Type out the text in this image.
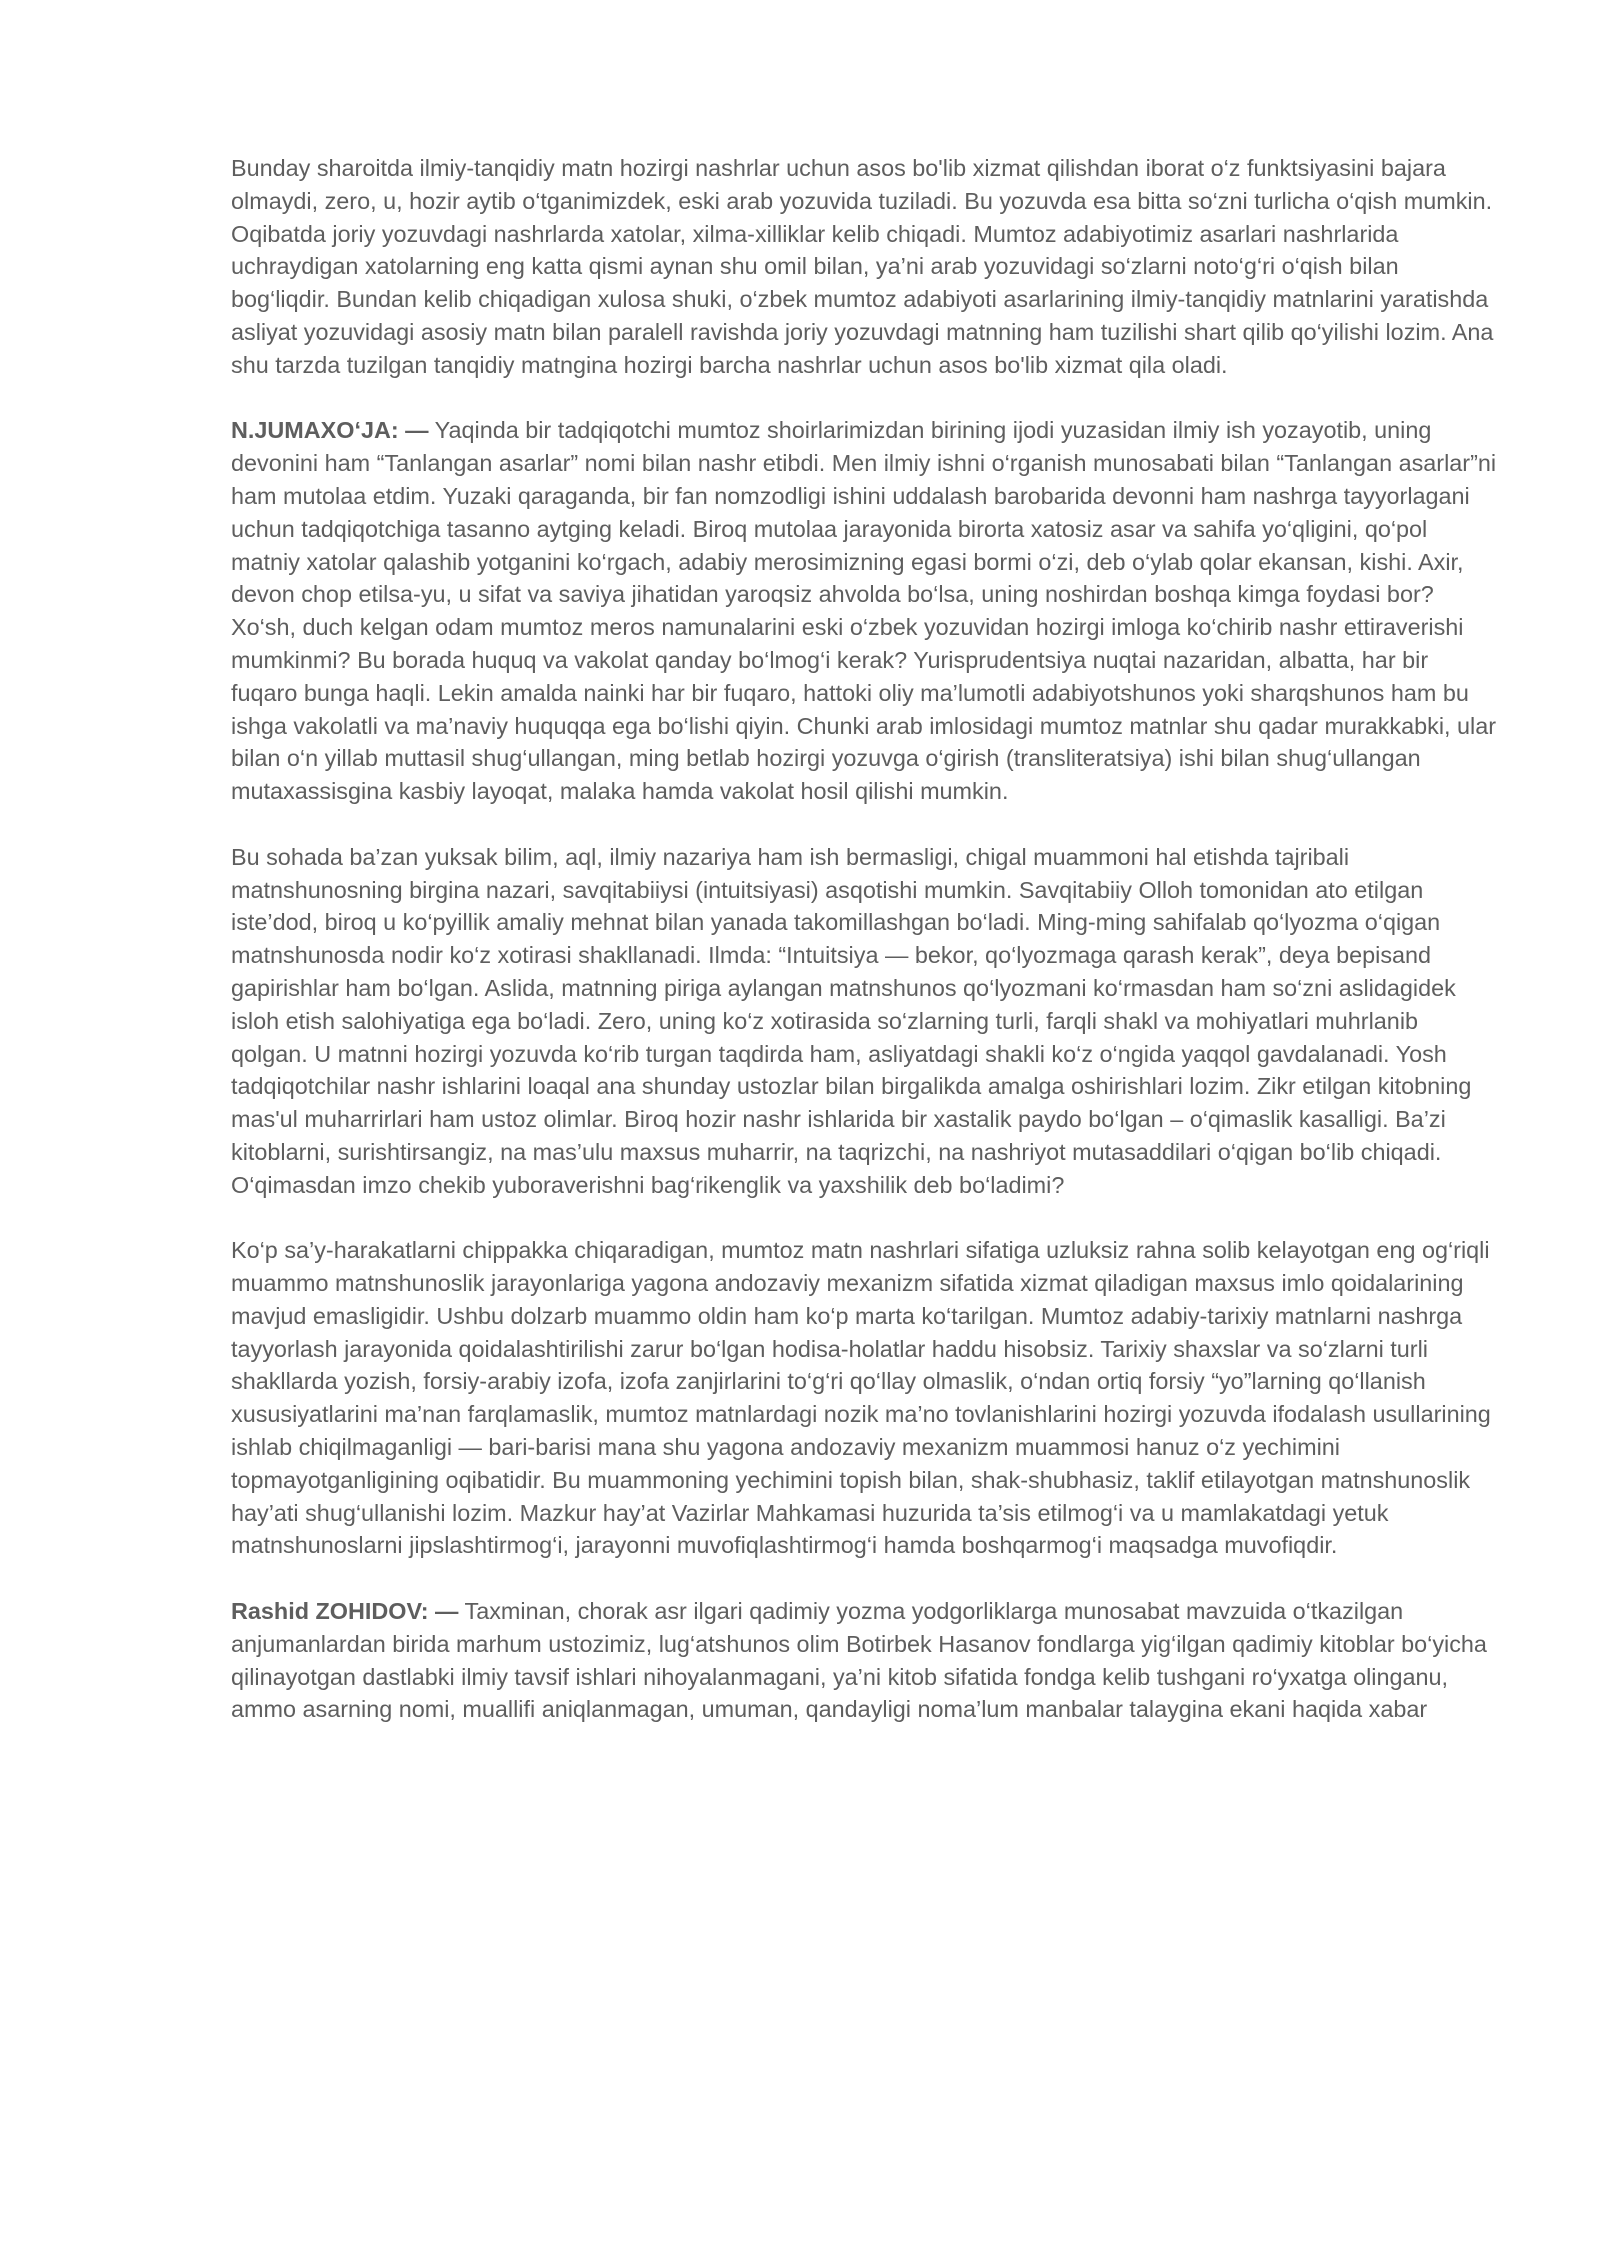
Bunday sharoitda ilmiy-tanqidiy matn hozirgi nashrlar uchun asos bo'lib xizmat qilishdan iborat o‘z funktsiyasini bajara olmaydi, zero, u, hozir aytib o‘tganimizdek, eski arab yozuvida tuziladi. Bu yozuvda esa bitta so‘zni turlicha o‘qish mumkin. Oqibatda joriy yozuvdagi nashrlarda xatolar, xilma-xilliklar kelib chiqadi. Mumtoz adabiyotimiz asarlari nashrlarida uchraydigan xatolarning eng katta qismi aynan shu omil bilan, ya’ni arab yozuvidagi so‘zlarni noto‘g‘ri o‘qish bilan bog‘liqdir. Bundan kelib chiqadigan xulosa shuki, o‘zbek mumtoz adabiyoti asarlarining ilmiy-tanqidiy matnlarini yaratishda asliyat yozuvidagi asosiy matn bilan paralell ravishda joriy yozuvdagi matnning ham tuzilishi shart qilib qo‘yilishi lozim. Ana shu tarzda tuzilgan tanqidiy matngina hozirgi barcha nashrlar uchun asos bo'lib xizmat qila oladi.

N.JUMAXO‘JA: — Yaqinda bir tadqiqotchi mumtoz shoirlarimizdan birining ijodi yuzasidan ilmiy ish yozayotib, uning devonini ham “Tanlangan asarlar” nomi bilan nashr etibdi. Men ilmiy ishni o‘rganish munosabati bilan “Tanlangan asarlar”ni ham mutolaa etdim. Yuzaki qaraganda, bir fan nomzodligi ishini uddalash barobarida devonni ham nashrga tayyorlagani uchun tadqiqotchiga tasanno aytging keladi. Biroq mutolaa jarayonida birorta xatosiz asar va sahifa yo‘qligini, qo‘pol matniy xatolar qalashib yotganini ko‘rgach, adabiy merosimizning egasi bormi o‘zi, deb o‘ylab qolar ekansan, kishi. Axir, devon chop etilsa-yu, u sifat va saviya jihatidan yaroqsiz ahvolda bo‘lsa, uning noshirdan boshqa kimga foydasi bor? Xo‘sh, duch kelgan odam mumtoz meros namunalarini eski o‘zbek yozuvidan hozirgi imloga ko‘chirib nashr ettiraverishi mumkinmi? Bu borada huquq va vakolat qanday bo‘lmog‘i kerak? Yurisprudentsiya nuqtai nazaridan, albatta, har bir fuqaro bunga haqli. Lekin amalda nainki har bir fuqaro, hattoki oliy ma’lumotli adabiyotshunos yoki sharqshunos ham bu ishga vakolatli va ma’naviy huquqqa ega bo‘lishi qiyin. Chunki arab imlosidagi mumtoz matnlar shu qadar murakkabki, ular bilan o‘n yillab muttasil shug‘ullangan, ming betlab hozirgi yozuvga o‘girish (transliteratsiya) ishi bilan shug‘ullangan mutaxassisgina kasbiy layoqat, malaka hamda vakolat hosil qilishi mumkin.

Bu sohada ba’zan yuksak bilim, aql, ilmiy nazariya ham ish bermasligi, chigal muammoni hal etishda tajribali matnshunosning birgina nazari, savqitabiiysi (intuitsiyasi) asqotishi mumkin. Savqitabiiy Olloh tomonidan ato etilgan iste’dod, biroq u ko‘pyillik amaliy mehnat bilan yanada takomillashgan bo‘ladi. Ming-ming sahifalab qo‘lyozma o‘qigan matnshunosda nodir ko‘z xotirasi shakllanadi. Ilmda: “Intuitsiya — bekor, qo‘lyozmaga qarash kerak”, deya bepisand gapirishlar ham bo‘lgan. Aslida, matnning piriga aylangan matnshunos qo‘lyozmani ko‘rmasdan ham so‘zni aslidagidek isloh etish salohiyatiga ega bo‘ladi. Zero, uning ko‘z xotirasida so‘zlarning turli, farqli shakl va mohiyatlari muhrlanib qolgan. U matnni hozirgi yozuvda ko‘rib turgan taqdirda ham, asliyatdagi shakli ko‘z o‘ngida yaqqol gavdalanadi. Yosh tadqiqotchilar nashr ishlarini loaqal ana shunday ustozlar bilan birgalikda amalga oshirishlari lozim. Zikr etilgan kitobning mas'ul muharrirlari ham ustoz olimlar. Biroq hozir nashr ishlarida bir xastalik paydo bo‘lgan – o‘qimaslik kasalligi. Ba’zi kitoblarni, surishtirsangiz, na mas’ulu maxsus muharrir, na taqrizchi, na nashriyot mutasaddilari o‘qigan bo‘lib chiqadi. O‘qimasdan imzo chekib yuboraverishni bag‘rikenglik va yaxshilik deb bo‘ladimi?

Ko‘p sa’y-harakatlarni chippakka chiqaradigan, mumtoz matn nashrlari sifatiga uzluksiz rahna solib kelayotgan eng og‘riqli muammo matnshunoslik jarayonlariga yagona andozaviy mexanizm sifatida xizmat qiladigan maxsus imlo qoidalarining mavjud emasligidir. Ushbu dolzarb muammo oldin ham ko‘p marta ko‘tarilgan. Mumtoz adabiy-tarixiy matnlarni nashrga tayyorlash jarayonida qoidalashtirilishi zarur bo‘lgan hodisa-holatlar haddu hisobsiz. Tarixiy shaxslar va so‘zlarni turli shakllarda yozish, forsiy-arabiy izofa, izofa zanjirlarini to‘g‘ri qo‘llay olmaslik, o‘ndan ortiq forsiy “yo”larning qo‘llanish xususiyatlarini ma’nan farqlamaslik, mumtoz matnlardagi nozik ma’no tovlanishlarini hozirgi yozuvda ifodalash usullarining ishlab chiqilmaganligi — bari-barisi mana shu yagona andozaviy mexanizm muammosi hanuz o‘z yechimini topmayotganligining oqibatidir. Bu muammoning yechimini topish bilan, shak-shubhasiz, taklif etilayotgan matnshunoslik hay’ati shug‘ullanishi lozim. Mazkur hay’at Vazirlar Mahkamasi huzurida ta’sis etilmog‘i va u mamlakatdagi yetuk matnshunoslarni jipslashtirmog‘i, jarayonni muvofiqlashtirmog‘i hamda boshqarmog‘i maqsadga muvofiqdir.

Rashid ZOHIDOV: — Taxminan, chorak asr ilgari qadimiy yozma yodgorliklarga munosabat mavzuida o‘tkazilgan anjumanlardan birida marhum ustozimiz, lug‘atshunos olim Botirbek Hasanov fondlarga yig‘ilgan qadimiy kitoblar bo‘yicha qilinayotgan dastlabki ilmiy tavsif ishlari nihoyalanmagani, ya’ni kitob sifatida fondga kelib tushgani ro‘yxatga olinganu, ammo asarning nomi, muallifi aniqlanmagan, umuman, qandayligi noma’lum manbalar talaygina ekani haqida xabar
